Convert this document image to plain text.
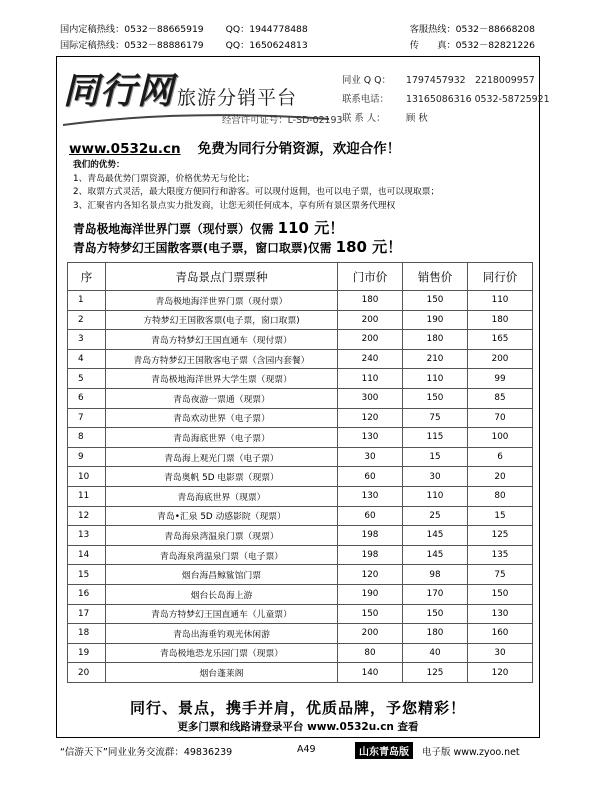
国内定稿热线：0532－88665919 QQ：1944778488	客服热线：0532－88668208
国际定稿热线：0532－88886179 QQ：1650624813	传　　真：0532－82821226
同行网 旅游分销平台
经营许可证号：L-SD-02193
同业 Q Q： 1797457932　2218009957
联系电话： 13165086316 0532-58725921
联 系 人： 顾 秋
www.0532u.cn 免费为同行分销资源，欢迎合作！
我们的优势：
1、青岛最优势门票资源，价格优势无与伦比；
2、取票方式灵活，最大限度方便同行和游客。可以现付返佣，也可以电子票，也可以现取票；
3、汇聚省内各知名景点实力批发商，让您无须任何成本，享有所有景区票务代理权
青岛极地海洋世界门票（现付票）仅需 110 元！
青岛方特梦幻王国散客票(电子票，窗口取票)仅需 180 元！
序	青岛景点门票票种	门市价	销售价	同行价
1	青岛极地海洋世界门票（现付票）	180	150	110
2	方特梦幻王国散客票(电子票，窗口取票)	200	190	180
3	青岛方特梦幻王国直通车（现付票）	200	180	165
4	青岛方特梦幻王国散客电子票（含园内套餐）	240	210	200
5	青岛极地海洋世界大学生票（现票）	110	110	99
6	青岛夜游一票通（现票）	300	150	85
7	青岛欢动世界（电子票）	120	75	70
8	青岛海底世界（电子票）	130	115	100
9	青岛海上观光门票（电子票）	30	15	6
10	青岛奥帆 5D 电影票（现票）	60	30	20
11	青岛海底世界（现票）	130	110	80
12	青岛•汇泉 5D 动感影院（现票）	60	25	15
13	青岛海泉湾温泉门票（现票）	198	145	125
14	青岛海泉湾温泉门票（电子票）	198	145	135
15	烟台海昌鲸鲨馆门票	120	98	75
16	烟台长岛海上游	190	170	150
17	青岛方特梦幻王国直通车（儿童票）	150	150	130
18	青岛出海垂钓观光休闲游	200	180	160
19	青岛极地恐龙乐园门票（现票）	80	40	30
20	烟台蓬莱阁	140	125	120
同行、景点，携手并肩，优质品牌，予您精彩！
更多门票和线路请登录平台 www.0532u.cn 查看
“信游天下”同业业务交流群：49836239	A49	山东青岛版	电子版 www.zyoo.net
